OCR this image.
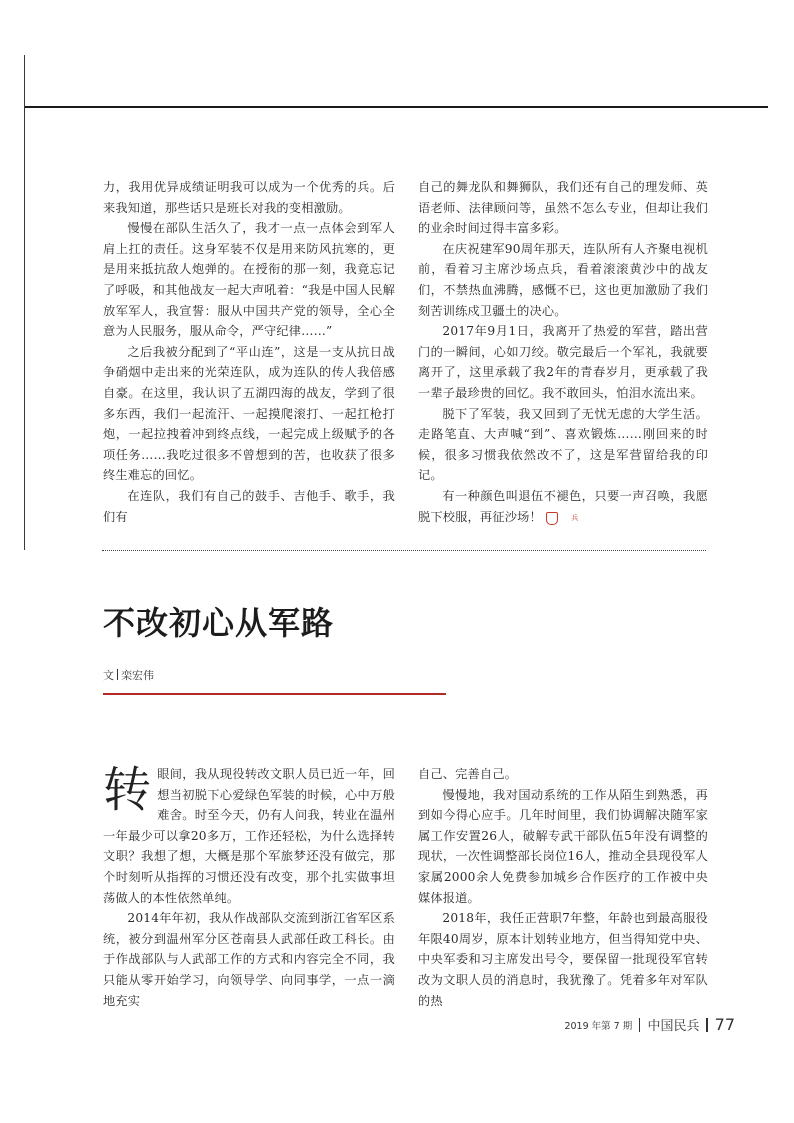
力，我用优异成绩证明我可以成为一个优秀的兵。后来我知道，那些话只是班长对我的变相激励。

慢慢在部队生活久了，我才一点一点体会到军人肩上扛的责任。这身军装不仅是用来防风抗寒的，更是用来抵抗敌人炮弹的。在授衔的那一刻，我竟忘记了呼吸，和其他战友一起大声吼着：“我是中国人民解放军军人，我宣誓：服从中国共产党的领导，全心全意为人民服务，服从命令，严守纪律……”

之后我被分配到了“平山连”，这是一支从抗日战争硝烟中走出来的光荣连队，成为连队的传人我倍感自豪。在这里，我认识了五湖四海的战友，学到了很多东西，我们一起流汗、一起摸爬滚打、一起扛枪打炮，一起拉拽着冲到终点线，一起完成上级赋予的各项任务……我吃过很多不曾想到的苦，也收获了很多终生难忘的回忆。

在连队，我们有自己的鼓手、吉他手、歌手，我们有

自己的舞龙队和舞狮队，我们还有自己的理发师、英语老师、法律顾问等，虽然不怎么专业，但却让我们的业余时间过得丰富多彩。

在庆祝建军90周年那天，连队所有人齐聚电视机前，看着习主席沙场点兵，看着滚滚黄沙中的战友们，不禁热血沸腾，感慨不已，这也更加激励了我们刻苦训练戍卫疆土的决心。

2017年9月1日，我离开了热爱的军营，踏出营门的一瞬间，心如刀绞。敬完最后一个军礼，我就要离开了，这里承载了我2年的青春岁月，更承载了我一辈子最珍贵的回忆。我不敢回头，怕泪水流出来。

脱下了军装，我又回到了无忧无虑的大学生活。走路笔直、大声喊“到”、喜欢锻炼……刚回来的时候，很多习惯我依然改不了，这是军营留给我的印记。

有一种颜色叫退伍不褪色，只要一声召唤，我愿脱下校服，再征沙场！	兵

不改初心从军路
文 栾宏伟

转眼间，我从现役转改文职人员已近一年，回想当初脱下心爱绿色军装的时候，心中万般难舍。时至今天，仍有人问我，转业在温州一年最少可以拿20多万，工作还轻松，为什么选择转文职？我想了想，大概是那个军旅梦还没有做完，那个时刻听从指挥的习惯还没有改变，那个扎实做事坦荡做人的本性依然单纯。

2014年年初，我从作战部队交流到浙江省军区系统，被分到温州军分区苍南县人武部任政工科长。由于作战部队与人武部工作的方式和内容完全不同，我只能从零开始学习，向领导学、向同事学，一点一滴地充实

自己、完善自己。

慢慢地，我对国动系统的工作从陌生到熟悉，再到如今得心应手。几年时间里，我们协调解决随军家属工作安置26人，破解专武干部队伍5年没有调整的现状，一次性调整部长岗位16人，推动全县现役军人家属2000余人免费参加城乡合作医疗的工作被中央媒体报道。

2018年，我任正营职7年整，年龄也到最高服役年限40周岁，原本计划转业地方，但当得知党中央、中央军委和习主席发出号令，要保留一批现役军官转改为文职人员的消息时，我犹豫了。凭着多年对军队的热

2019 年第 7 期 中国民兵 77
